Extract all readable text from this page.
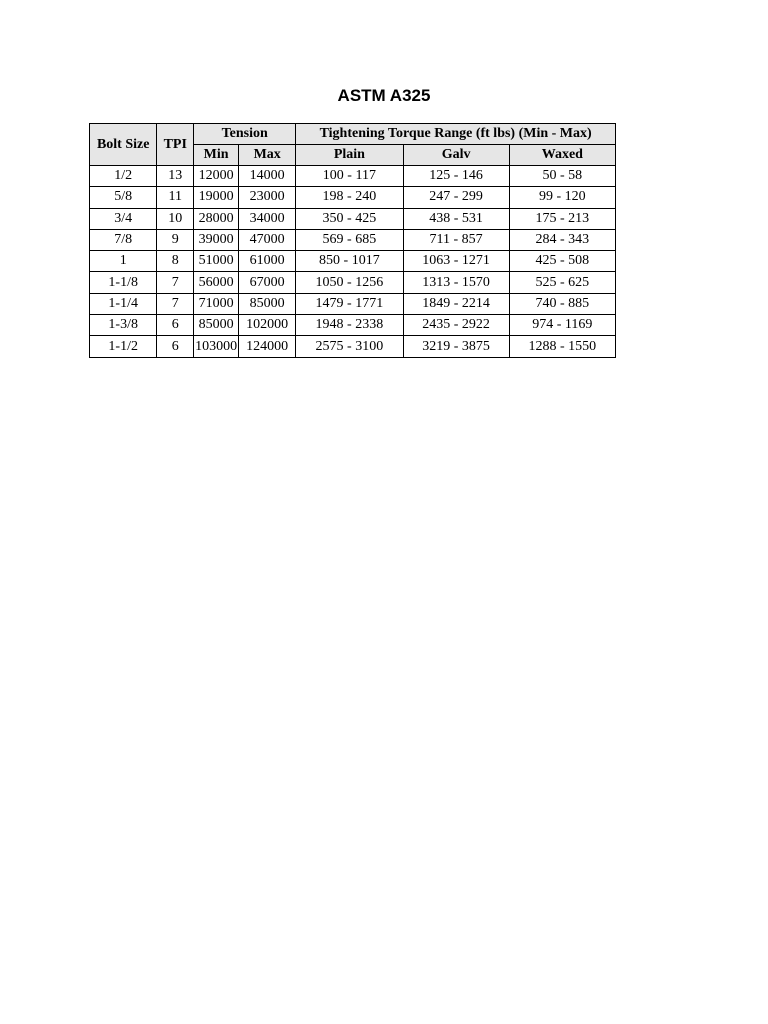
ASTM A325
Bolt Size	TPI	Tension		Tightening Torque Range (ft lbs) (Min - Max)		
		Min	Max	Plain	Galv	Waxed
1/2	13	12000	14000	100 - 117	125 - 146	50 - 58
5/8	11	19000	23000	198 - 240	247 - 299	99 - 120
3/4	10	28000	34000	350 - 425	438 - 531	175 - 213
7/8	9	39000	47000	569 - 685	711 - 857	284 - 343
1	8	51000	61000	850 - 1017	1063 - 1271	425 - 508
1-1/8	7	56000	67000	1050 - 1256	1313 - 1570	525 - 625
1-1/4	7	71000	85000	1479 - 1771	1849 - 2214	740 - 885
1-3/8	6	85000	102000	1948 - 2338	2435 - 2922	974 - 1169
1-1/2	6	103000	124000	2575 - 3100	3219 - 3875	1288 - 1550
